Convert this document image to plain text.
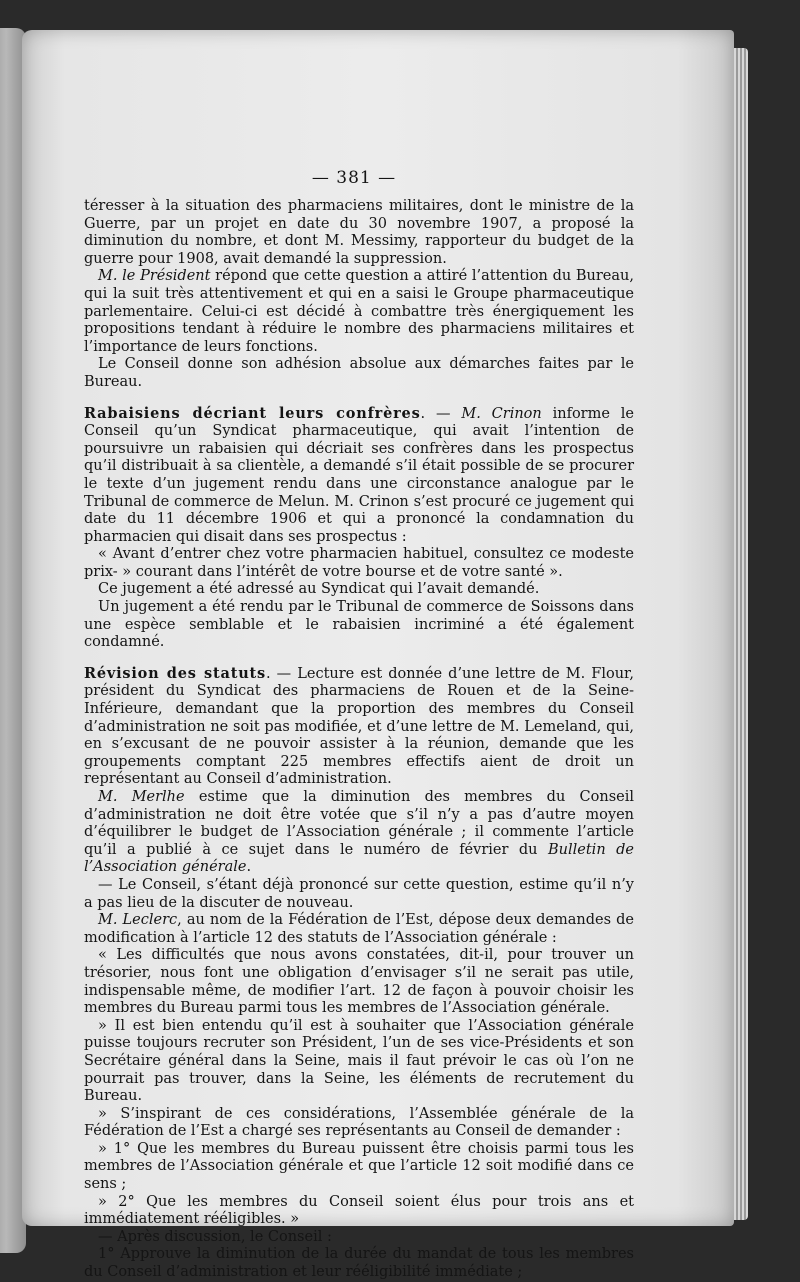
— 381 —

téresser à la situation des pharmaciens militaires, dont le ministre de la Guerre, par un projet en date du 30 novembre 1907, a proposé la diminution du nombre, et dont M. Messimy, rapporteur du budget de la guerre pour 1908, avait demandé la suppression.

M. le Président répond que cette question a attiré l’attention du Bureau, qui la suit très attentivement et qui en a saisi le Groupe pharmaceutique parlementaire. Celui-ci est décidé à combattre très énergiquement les propositions tendant à réduire le nombre des pharmaciens militaires et l’importance de leurs fonctions.

Le Conseil donne son adhésion absolue aux démarches faites par le Bureau.

Rabaisiens décriant leurs confrères. — M. Crinon informe le Conseil qu’un Syndicat pharmaceutique, qui avait l’intention de poursuivre un rabaisien qui décriait ses confrères dans les prospectus qu’il distribuait à sa clientèle, a demandé s’il était possible de se procurer le texte d’un jugement rendu dans une circonstance analogue par le Tribunal de commerce de Melun. M. Crinon s’est procuré ce jugement qui date du 11 décembre 1906 et qui a prononcé la condamnation du pharmacien qui disait dans ses prospectus :

« Avant d’entrer chez votre pharmacien habituel, consultez ce modeste prix- » courant dans l’intérêt de votre bourse et de votre santé ».

Ce jugement a été adressé au Syndicat qui l’avait demandé.

Un jugement a été rendu par le Tribunal de commerce de Soissons dans une espèce semblable et le rabaisien incriminé a été également condamné.

Révision des statuts. — Lecture est donnée d’une lettre de M. Flour, président du Syndicat des pharmaciens de Rouen et de la Seine-Inférieure, demandant que la proportion des membres du Conseil d’administration ne soit pas modifiée, et d’une lettre de M. Lemeland, qui, en s’excusant de ne pouvoir assister à la réunion, demande que les groupements comptant 225 membres effectifs aient de droit un représentant au Conseil d’administration.

M. Merlhe estime que la diminution des membres du Conseil d’administration ne doit être votée que s’il n’y a pas d’autre moyen d’équilibrer le budget de l’Association générale ; il commente l’article qu’il a publié à ce sujet dans le numéro de février du Bulletin de l’Association générale.

— Le Conseil, s’étant déjà prononcé sur cette question, estime qu’il n’y a pas lieu de la discuter de nouveau.

M. Leclerc, au nom de la Fédération de l’Est, dépose deux demandes de modification à l’article 12 des statuts de l’Association générale :

« Les difficultés que nous avons constatées, dit-il, pour trouver un trésorier, nous font une obligation d’envisager s’il ne serait pas utile, indispensable même, de modifier l’art. 12 de façon à pouvoir choisir les membres du Bureau parmi tous les membres de l’Association générale.

» Il est bien entendu qu’il est à souhaiter que l’Association générale puisse toujours recruter son Président, l’un de ses vice-Présidents et son Secrétaire général dans la Seine, mais il faut prévoir le cas où l’on ne pourrait pas trouver, dans la Seine, les éléments de recrutement du Bureau.

» S’inspirant de ces considérations, l’Assemblée générale de la Fédération de l’Est a chargé ses représentants au Conseil de demander :

» 1° Que les membres du Bureau puissent être choisis parmi tous les membres de l’Association générale et que l’article 12 soit modifié dans ce sens ;

» 2° Que les membres du Conseil soient élus pour trois ans et immédiatement rééligibles. »

— Après discussion, le Conseil :

1° Approuve la diminution de la durée du mandat de tous les membres du Conseil d’administration et leur rééligibilité immédiate ;
